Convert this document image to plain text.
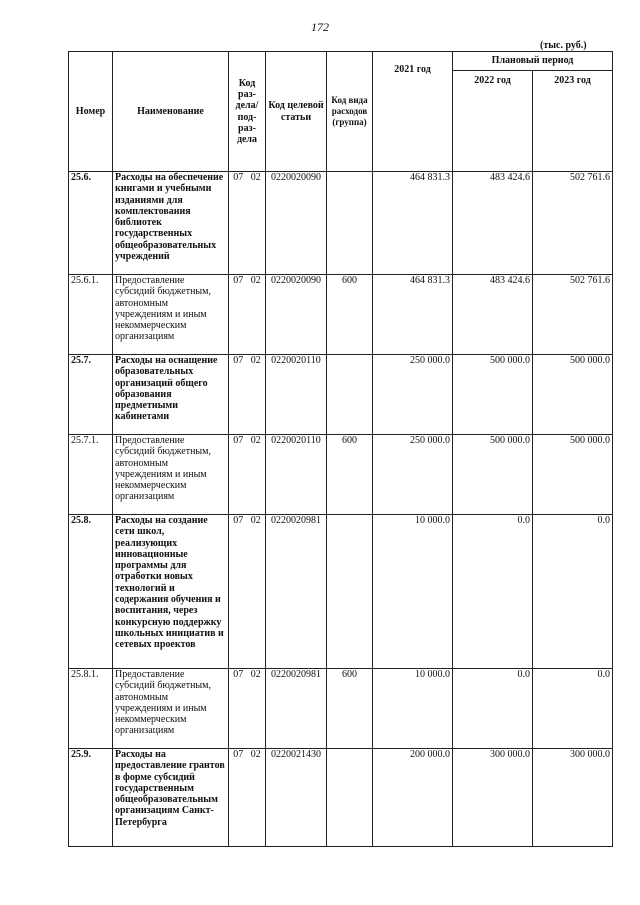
172
(тыс. руб.)
Номер	Наименование	Код раз-дела/ под-раз-дела	Код целевой статьи	Код вида расходов (группа)	2021 год	Плановый период	
						2022 год	2023 год
25.6.	Расходы на обеспечение книгами и учебными изданиями для комплектования библиотек государственных общеобразовательных учреждений	07 02	0220020090		464 831.3	483 424.6	502 761.6
25.6.1.	Предоставление субсидий бюджетным, автономным учреждениям и иным некоммерческим организациям	07 02	0220020090	600	464 831.3	483 424.6	502 761.6
25.7.	Расходы на оснащение образовательных организаций общего образования предметными кабинетами	07 02	0220020110		250 000.0	500 000.0	500 000.0
25.7.1.	Предоставление субсидий бюджетным, автономным учреждениям и иным некоммерческим организациям	07 02	0220020110	600	250 000.0	500 000.0	500 000.0
25.8.	Расходы на создание сети школ, реализующих инновационные программы для отработки новых технологий и содержания обучения и воспитания, через конкурсную поддержку школьных инициатив и сетевых проектов	07 02	0220020981		10 000.0	0.0	0.0
25.8.1.	Предоставление субсидий бюджетным, автономным учреждениям и иным некоммерческим организациям	07 02	0220020981	600	10 000.0	0.0	0.0
25.9.	Расходы на предоставление грантов в форме субсидий государственным общеобразовательным организациям Санкт-Петербурга	07 02	0220021430		200 000.0	300 000.0	300 000.0
